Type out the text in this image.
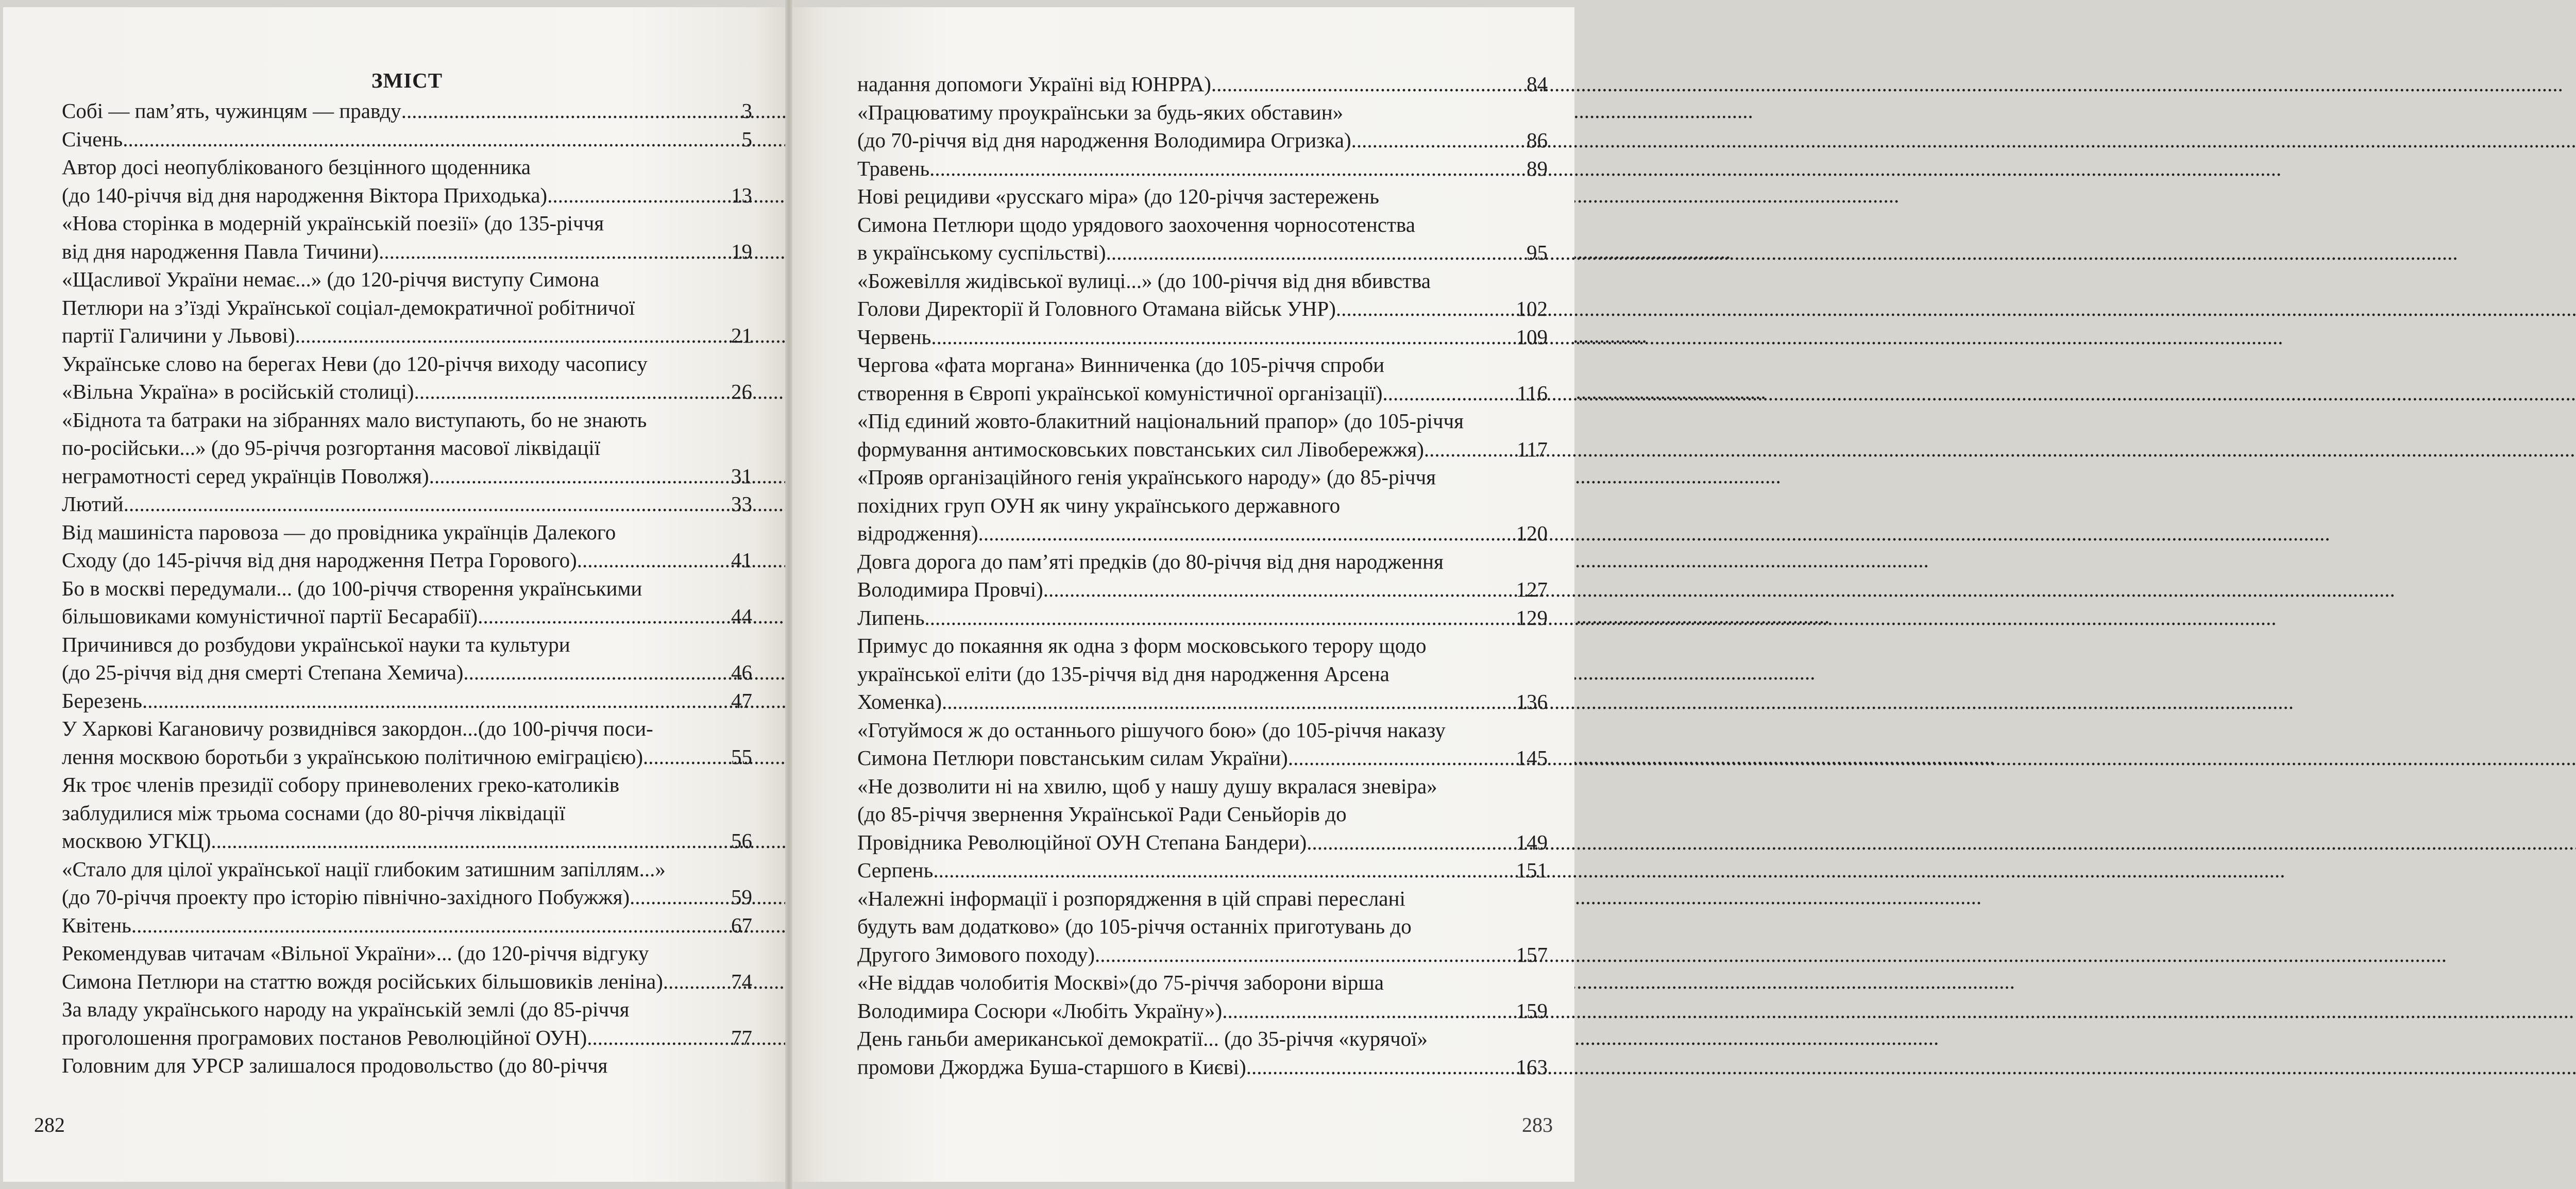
ЗМІСТ
Собі — пам’ять, чужинцям — правду .....	3
Січень .....	5
Автор досі неопублікованого безцінного щоденника
(до 140-річчя від дня народження Віктора Приходька) .....	13
«Нова сторінка в модерній українській поезії» (до 135-річчя
від дня народження Павла Тичини) .....	19
«Щасливої України немає...» (до 120-річчя виступу Симона
Петлюри на з’їзді Української соціал-демократичної робітничої
партії Галичини у Львові) .....	21
Українське слово на берегах Неви (до 120-річчя виходу часопису
«Вільна Україна» в російській столиці) .....	26
«Біднота та батраки на зібраннях мало виступають, бо не знають
по-російськи...» (до 95-річчя розгортання масової ліквідації
неграмотності серед українців Поволжя) .....	31
Лютий .....	33
Від машиніста паровоза — до провідника українців Далекого
Сходу (до 145-річчя від дня народження Петра Горового) .....	41
Бо в москві передумали... (до 100-річчя створення українськими
більшовиками комуністичної партії Бесарабії) .....	44
Причинився до розбудови української науки та культури
(до 25-річчя від дня смерті Степана Хемича) .....	46
Березень .....	47
У Харкові Кагановичу розвиднівся закордон...(до 100-річчя поси-
лення москвою боротьби з українською політичною еміграцією) .....	55
Як троє членів президії собору приневолених греко-католиків
заблудилися між трьома соснами (до 80-річчя ліквідації
москвою УГКЦ) .....	56
«Стало для цілої української нації глибоким затишним запіллям...»
(до 70-річчя проекту про історію північно-західного Побужжя) .....	59
Квітень .....	67
Рекомендував читачам «Вільної України»... (до 120-річчя відгуку
Симона Петлюри на статтю вождя російських більшовиків леніна) .....	74
За владу українського народу на українській землі (до 85-річчя
проголошення програмових постанов Революційної ОУН) .....	77
Головним для УРСР залишалося продовольство (до 80-річчя
282
надання допомоги Україні від ЮНРРА) .....	84
«Працюватиму проукраїнськи за будь-яких обставин»
(до 70-річчя від дня народження Володимира Огризка) .....	86
Травень .....	89
Нові рецидиви «русскаго міра» (до 120-річчя застережень
Симона Петлюри щодо урядового заохочення чорносотенства
в українському суспільстві) .....	95
«Божевілля жидівської вулиці...» (до 100-річчя від дня вбивства
Голови Директорії й Головного Отамана військ УНР) .....	102
Червень .....	109
Чергова «фата моргана» Винниченка (до 105-річчя спроби
створення в Європі української комуністичної організації) .....	116
«Під єдиний жовто-блакитний національний прапор» (до 105-річчя
формування антимосковських повстанських сил Лівобережжя) .....	117
«Прояв організаційного генія українського народу» (до 85-річчя
похідних груп ОУН як чину українського державного
відродження) .....	120
Довга дорога до пам’яті предків (до 80-річчя від дня народження
Володимира Провчі) .....	127
Липень .....	129
Примус до покаяння як одна з форм московського терору щодо
української еліти (до 135-річчя від дня народження Арсена
Хоменка) .....	136
«Готуймося ж до останнього рішучого бою» (до 105-річчя наказу
Симона Петлюри повстанським силам України) .....	145
«Не дозволити ні на хвилю, щоб у нашу душу вкралася зневіра»
(до 85-річчя звернення Української Ради Сеньйорів до
Провідника Революційної ОУН Степана Бандери) .....	149
Серпень .....	151
«Належні інформації і розпорядження в цій справі переслані
будуть вам додатково» (до 105-річчя останніх приготувань до
Другого Зимового походу) .....	157
«Не віддав чолобитія Москві»(до 75-річчя заборони вірша
Володимира Сосюри «Любіть Україну») .....	159
День ганьби американської демократії... (до 35-річчя «курячої»
промови Джорджа Буша-старшого в Києві) .....	163
283
